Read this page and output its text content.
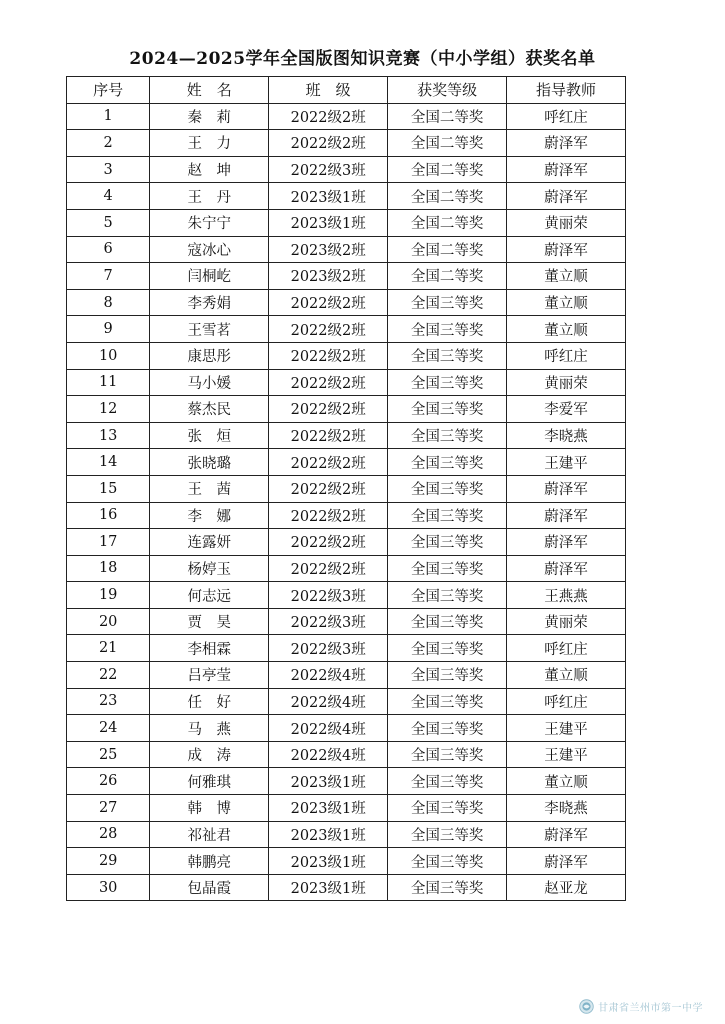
2024—2025学年全国版图知识竞赛（中小学组）获奖名单
序号	姓　名	班　级	获奖等级	指导教师
1	秦　莉	2022级2班	全国二等奖	呼红庄
2	王　力	2022级2班	全国二等奖	蔚泽军
3	赵　坤	2022级3班	全国二等奖	蔚泽军
4	王　丹	2023级1班	全国二等奖	蔚泽军
5	朱宁宁	2023级1班	全国二等奖	黄丽荣
6	寇冰心	2023级2班	全国二等奖	蔚泽军
7	闫桐屹	2023级2班	全国二等奖	董立顺
8	李秀娟	2022级2班	全国三等奖	董立顺
9	王雪茗	2022级2班	全国三等奖	董立顺
10	康思彤	2022级2班	全国三等奖	呼红庄
11	马小媛	2022级2班	全国三等奖	黄丽荣
12	蔡杰民	2022级2班	全国三等奖	李爱军
13	张　烜	2022级2班	全国三等奖	李晓燕
14	张晓璐	2022级2班	全国三等奖	王建平
15	王　茜	2022级2班	全国三等奖	蔚泽军
16	李　娜	2022级2班	全国三等奖	蔚泽军
17	连露妍	2022级2班	全国三等奖	蔚泽军
18	杨婷玉	2022级2班	全国三等奖	蔚泽军
19	何志远	2022级3班	全国三等奖	王燕燕
20	贾　昊	2022级3班	全国三等奖	黄丽荣
21	李相霖	2022级3班	全国三等奖	呼红庄
22	吕亭莹	2022级4班	全国三等奖	董立顺
23	任　好	2022级4班	全国三等奖	呼红庄
24	马　燕	2022级4班	全国三等奖	王建平
25	成　涛	2022级4班	全国三等奖	王建平
26	何雅琪	2023级1班	全国三等奖	董立顺
27	韩　博	2023级1班	全国三等奖	李晓燕
28	祁祉君	2023级1班	全国三等奖	蔚泽军
29	韩鹏亮	2023级1班	全国三等奖	蔚泽军
30	包晶霞	2023级1班	全国三等奖	赵亚龙
甘肃省兰州市第一中学
